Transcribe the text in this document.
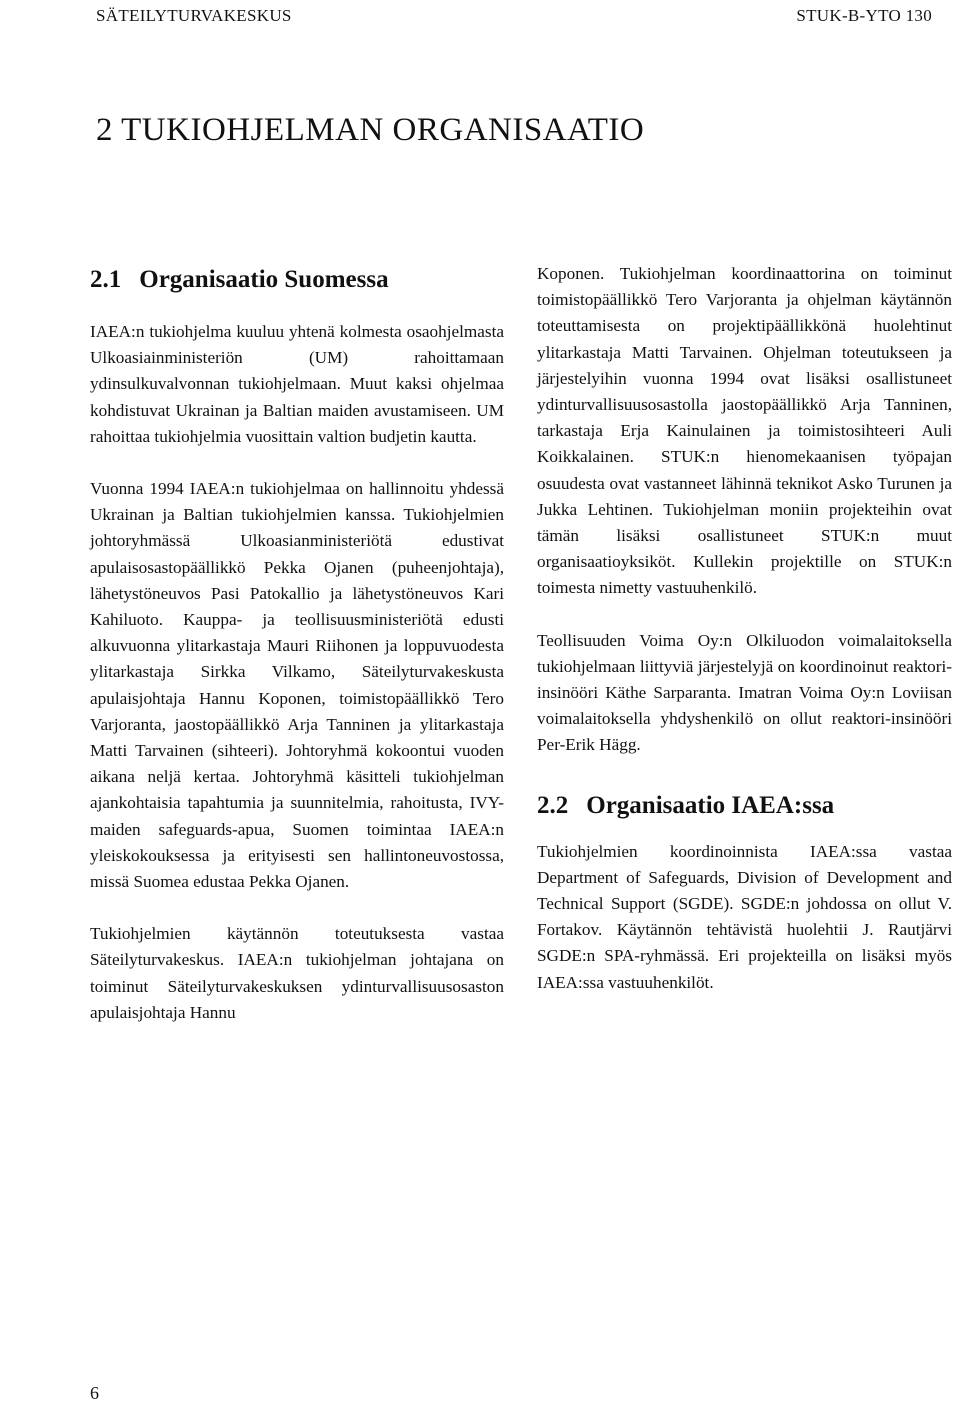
SÄTEILYTURVAKESKUS	STUK-B-YTO 130
2 TUKIOHJELMAN ORGANISAATIO
2.1 Organisaatio Suomessa

IAEA:n tukiohjelma kuuluu yhtenä kolmesta osaohjelmasta Ulkoasiainministeriön (UM) rahoittamaan ydinsulkuvalvonnan tukiohjelmaan. Muut kaksi ohjelmaa kohdistuvat Ukrainan ja Baltian maiden avustamiseen. UM rahoittaa tukiohjelmia vuosittain valtion budjetin kautta.

Vuonna 1994 IAEA:n tukiohjelmaa on hallinnoitu yhdessä Ukrainan ja Baltian tukiohjelmien kanssa. Tukiohjelmien johtoryhmässä Ulkoasianministeriötä edustivat apulaisosastopäällikkö Pekka Ojanen (puheenjohtaja), lähetystöneuvos Pasi Patokallio ja lähetystöneuvos Kari Kahiluoto. Kauppa- ja teollisuusministeriötä edusti alkuvuonna ylitarkastaja Mauri Riihonen ja loppuvuodesta ylitarkastaja Sirkka Vilkamo, Säteilyturvakeskusta apulaisjohtaja Hannu Koponen, toimistopäällikkö Tero Varjoranta, jaostopäällikkö Arja Tanninen ja ylitarkastaja Matti Tarvainen (sihteeri). Johtoryhmä kokoontui vuoden aikana neljä kertaa. Johtoryhmä käsitteli tukiohjelman ajankohtaisia tapahtumia ja suunnitelmia, rahoitusta, IVY-maiden safeguards-apua, Suomen toimintaa IAEA:n yleiskokouksessa ja erityisesti sen hallintoneuvostossa, missä Suomea edustaa Pekka Ojanen.

Tukiohjelmien käytännön toteutuksesta vastaa Säteilyturvakeskus. IAEA:n tukiohjelman johtajana on toiminut Säteilyturvakeskuksen ydinturvallisuusosaston apulaisjohtaja Hannu

Koponen. Tukiohjelman koordinaattorina on toiminut toimistopäällikkö Tero Varjoranta ja ohjelman käytännön toteuttamisesta on projektipäällikkönä huolehtinut ylitarkastaja Matti Tarvainen. Ohjelman toteutukseen ja järjestelyihin vuonna 1994 ovat lisäksi osallistuneet ydinturvallisuusosastolla jaostopäällikkö Arja Tanninen, tarkastaja Erja Kainulainen ja toimistosihteeri Auli Koikkalainen. STUK:n hienomekaanisen työpajan osuudesta ovat vastanneet lähinnä teknikot Asko Turunen ja Jukka Lehtinen. Tukiohjelman moniin projekteihin ovat tämän lisäksi osallistuneet STUK:n muut organisaatioyksiköt. Kullekin projektille on STUK:n toimesta nimetty vastuuhenkilö.

Teollisuuden Voima Oy:n Olkiluodon voimalaitoksella tukiohjelmaan liittyviä järjestelyjä on koordinoinut reaktori-insinööri Käthe Sarparanta. Imatran Voima Oy:n Loviisan voimalaitoksella yhdyshenkilö on ollut reaktori-insinööri Per-Erik Hägg.

2.2 Organisaatio IAEA:ssa

Tukiohjelmien koordinoinnista IAEA:ssa vastaa Department of Safeguards, Division of Development and Technical Support (SGDE). SGDE:n johdossa on ollut V. Fortakov. Käytännön tehtävistä huolehtii J. Rautjärvi SGDE:n SPA-ryhmässä. Eri projekteilla on lisäksi myös IAEA:ssa vastuuhenkilöt.

6
